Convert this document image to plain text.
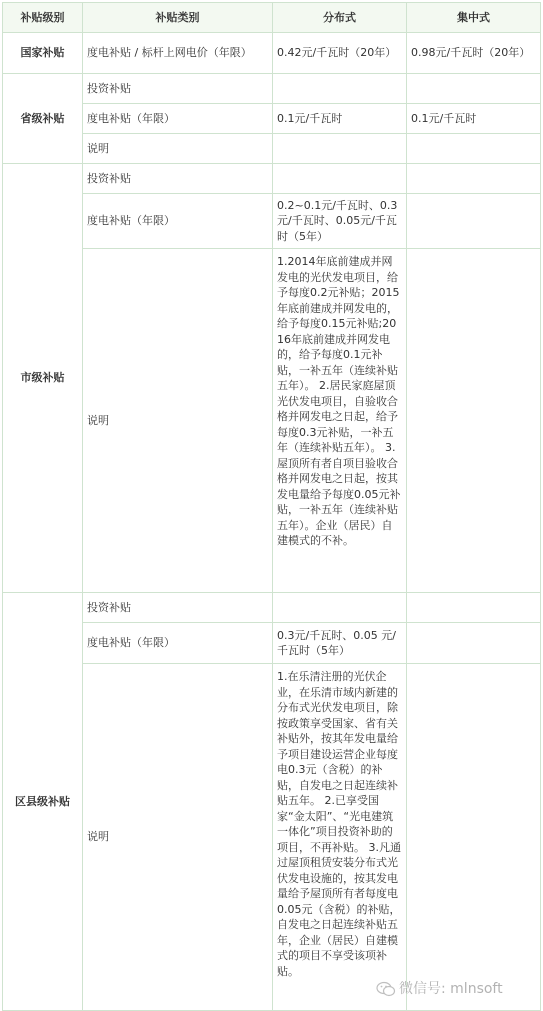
补贴级别	补贴类别	分布式	集中式
国家补贴	度电补贴 / 标杆上网电价（年限）	0.42元/千瓦时（20年）	0.98元/千瓦时（20年）
省级补贴	投资补贴		
	度电补贴（年限）	0.1元/千瓦时	0.1元/千瓦时
	说明		
市级补贴	投资补贴		
	度电补贴（年限）	0.2~0.1元/千瓦时、0.3元/千瓦时、0.05元/千瓦时（5年）	
	说明	1.2014年底前建成并网发电的光伏发电项目，给予每度0.2元补贴；2015年底前建成并网发电的，给予每度0.15元补贴;2016年底前建成并网发电的，给予每度0.1元补贴，一补五年（连续补贴五年）。 2.居民家庭屋顶光伏发电项目，自验收合格并网发电之日起，给予每度0.3元补贴，一补五年（连续补贴五年）。 3.屋顶所有者自项目验收合格并网发电之日起，按其发电量给予每度0.05元补贴，一补五年（连续补贴五年）。企业（居民）自建模式的不补。	
区县级补贴	投资补贴		
	度电补贴（年限）	0.3元/千瓦时、0.05 元/千瓦时（5年）	
	说明	1.在乐清注册的光伏企业，在乐清市域内新建的分布式光伏发电项目，除按政策享受国家、省有关补贴外，按其年发电量给予项目建设运营企业每度电0.3元（含税）的补贴，自发电之日起连续补贴五年。 2.已享受国家“金太阳”、“光电建筑一体化”项目投资补助的项目，不再补贴。 3.凡通过屋顶租赁安装分布式光伏发电设施的，按其发电量给予屋顶所有者每度电0.05元（含税）的补贴，自发电之日起连续补贴五年，企业（居民）自建模式的项目不享受该项补贴。	
微信号: mlnsoft
